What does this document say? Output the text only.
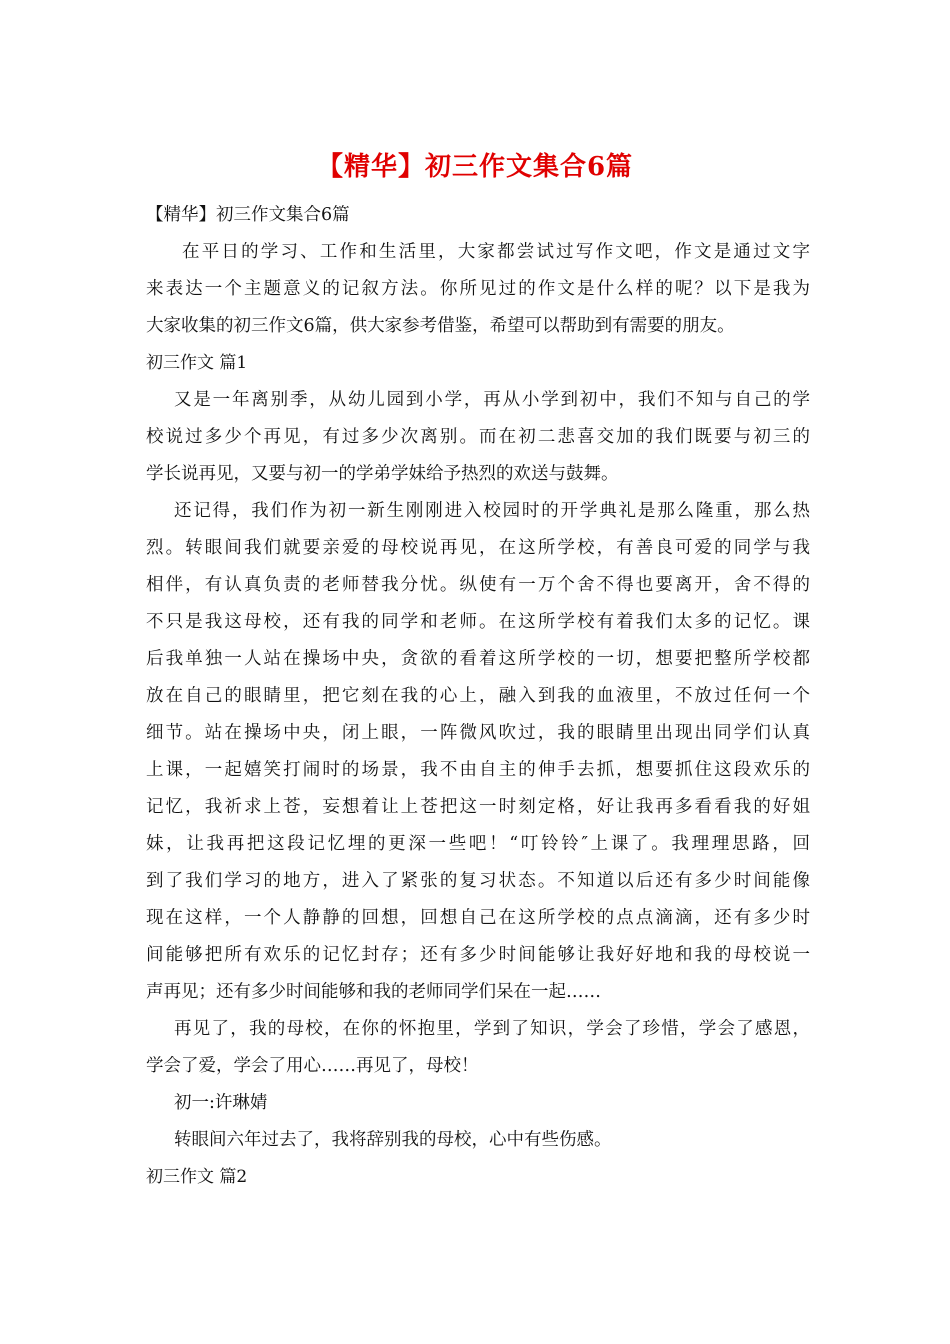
【精华】初三作文集合6篇
【精华】初三作文集合6篇
在平日的学习、工作和生活里，大家都尝试过写作文吧，作文是通过文字
来表达一个主题意义的记叙方法。你所见过的作文是什么样的呢？以下是我为
大家收集的初三作文6篇，供大家参考借鉴，希望可以帮助到有需要的朋友。
初三作文 篇1
又是一年离别季，从幼儿园到小学，再从小学到初中，我们不知与自己的学
校说过多少个再见，有过多少次离别。而在初二悲喜交加的我们既要与初三的
学长说再见，又要与初一的学弟学妹给予热烈的欢送与鼓舞。
还记得，我们作为初一新生刚刚进入校园时的开学典礼是那么隆重，那么热
烈。转眼间我们就要亲爱的母校说再见，在这所学校，有善良可爱的同学与我
相伴，有认真负责的老师替我分忧。纵使有一万个舍不得也要离开，舍不得的
不只是我这母校，还有我的同学和老师。在这所学校有着我们太多的记忆。课
后我单独一人站在操场中央，贪欲的看着这所学校的一切，想要把整所学校都
放在自己的眼睛里，把它刻在我的心上，融入到我的血液里，不放过任何一个
细节。站在操场中央，闭上眼，一阵微风吹过，我的眼睛里出现出同学们认真
上课，一起嬉笑打闹时的场景，我不由自主的伸手去抓，想要抓住这段欢乐的
记忆，我祈求上苍，妄想着让上苍把这一时刻定格，好让我再多看看我的好姐
妹，让我再把这段记忆埋的更深一些吧！“叮铃铃″上课了。我理理思路，回
到了我们学习的地方，进入了紧张的复习状态。不知道以后还有多少时间能像
现在这样，一个人静静的回想，回想自己在这所学校的点点滴滴，还有多少时
间能够把所有欢乐的记忆封存；还有多少时间能够让我好好地和我的母校说一
声再见；还有多少时间能够和我的老师同学们呆在一起……
再见了，我的母校，在你的怀抱里，学到了知识，学会了珍惜，学会了感恩，
学会了爱，学会了用心……再见了，母校！
初一:许琳婧
转眼间六年过去了，我将辞别我的母校，心中有些伤感。
初三作文 篇2
